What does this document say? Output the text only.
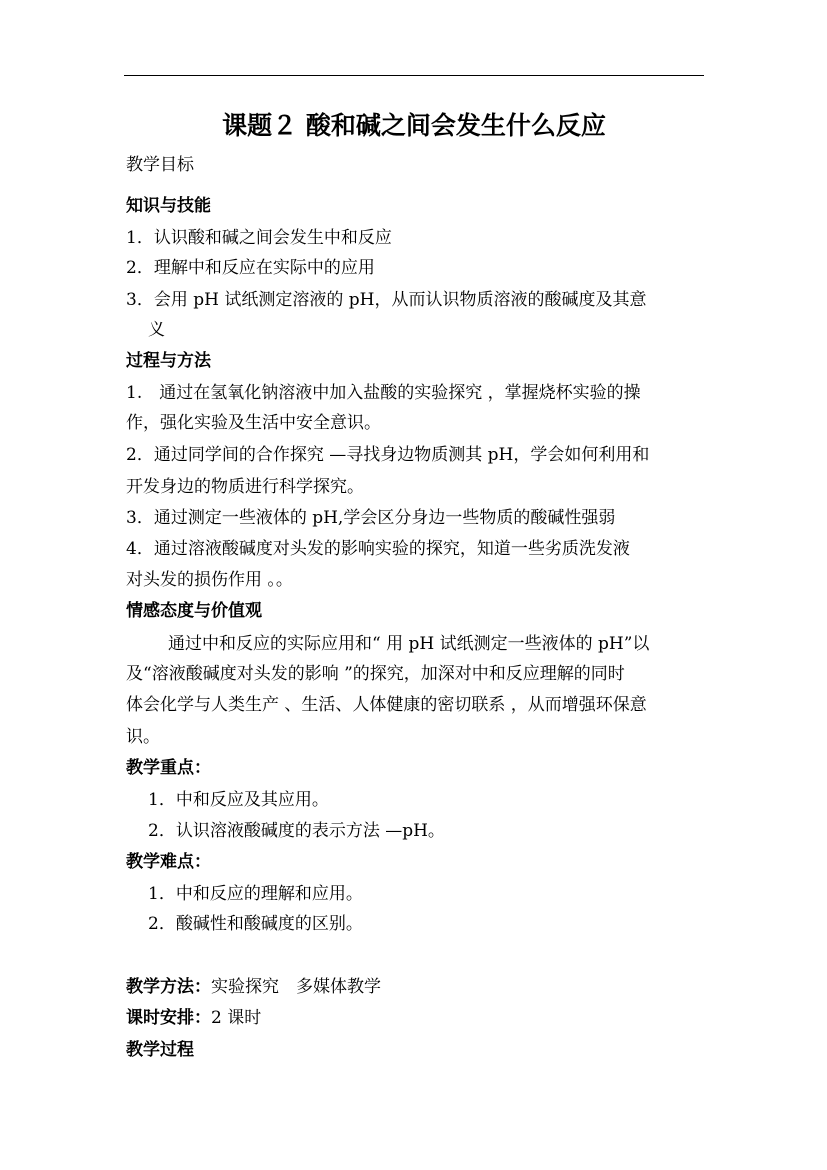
课题２ 酸和碱之间会发生什么反应
教学目标
知识与技能
1．认识酸和碱之间会发生中和反应
2．理解中和反应在实际中的应用
3．会用 pH 试纸测定溶液的 pH，从而认识物质溶液的酸碱度及其意
义
过程与方法
1.　通过在氢氧化钠溶液中加入盐酸的实验探究 ，掌握烧杯实验的操
作，强化实验及生活中安全意识。
2．通过同学间的合作探究 —寻找身边物质测其 pH，学会如何利用和
开发身边的物质进行科学探究。
3．通过测定一些液体的 pH,学会区分身边一些物质的酸碱性强弱
4．通过溶液酸碱度对头发的影响实验的探究，知道一些劣质洗发液
对头发的损伤作用 。。
情感态度与价值观
通过中和反应的实际应用和“ 用 pH 试纸测定一些液体的 pH”以
及“溶液酸碱度对头发的影响 ”的探究，加深对中和反应理解的同时
体会化学与人类生产 、生活、人体健康的密切联系 ，从而增强环保意
识。
教学重点：
1．中和反应及其应用。
2．认识溶液酸碱度的表示方法 —pH。
教学难点：
1．中和反应的理解和应用。
2．酸碱性和酸碱度的区别。
教学方法：实验探究　多媒体教学
课时安排：2 课时
教学过程
